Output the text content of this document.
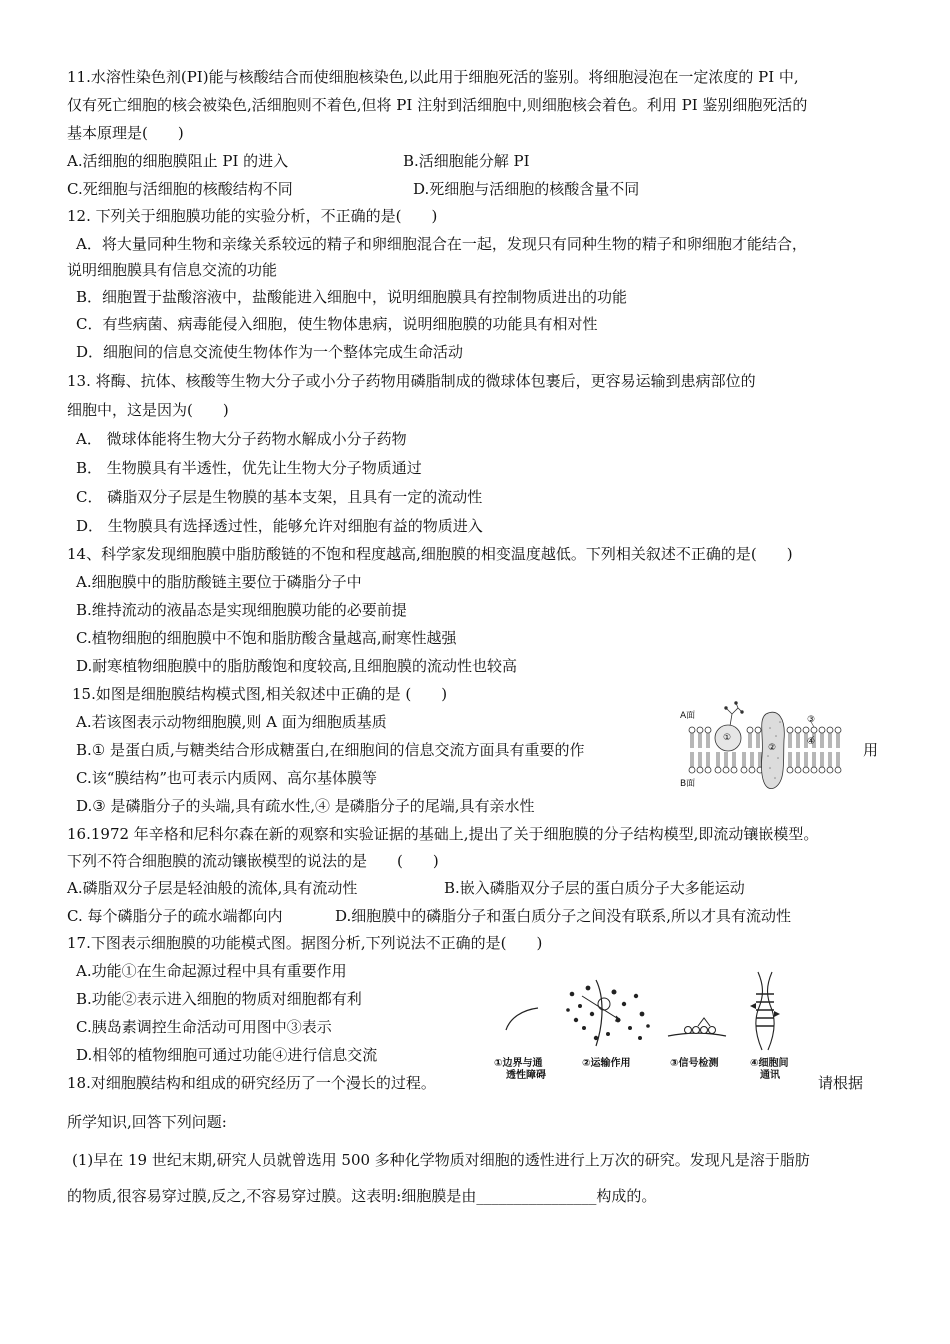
11.水溶性染色剂(PI)能与核酸结合而使细胞核染色,以此用于细胞死活的鉴别。将细胞浸泡在一定浓度的 PI 中,
仅有死亡细胞的核会被染色,活细胞则不着色,但将 PI 注射到活细胞中,则细胞核会着色。利用 PI 鉴别细胞死活的
基本原理是(　　)
A.活细胞的细胞膜阻止 PI 的进入	B.活细胞能分解 PI
C.死细胞与活细胞的核酸结构不同	D.死细胞与活细胞的核酸含量不同
12. 下列关于细胞膜功能的实验分析，不正确的是(　　)
A．将大量同种生物和亲缘关系较远的精子和卵细胞混合在一起，发现只有同种生物的精子和卵细胞才能结合，
说明细胞膜具有信息交流的功能
B．细胞置于盐酸溶液中，盐酸能进入细胞中，说明细胞膜具有控制物质进出的功能
C．有些病菌、病毒能侵入细胞，使生物体患病，说明细胞膜的功能具有相对性
D．细胞间的信息交流使生物体作为一个整体完成生命活动
13. 将酶、抗体、核酸等生物大分子或小分子药物用磷脂制成的微球体包裹后，更容易运输到患病部位的
细胞中，这是因为(　　)
A． 微球体能将生物大分子药物水解成小分子药物
B． 生物膜具有半透性，优先让生物大分子物质通过
C． 磷脂双分子层是生物膜的基本支架，且具有一定的流动性
D． 生物膜具有选择透过性，能够允许对细胞有益的物质进入
14、科学家发现细胞膜中脂肪酸链的不饱和程度越高,细胞膜的相变温度越低。下列相关叙述不正确的是(　　)
A.细胞膜中的脂肪酸链主要位于磷脂分子中
B.维持流动的液晶态是实现细胞膜功能的必要前提
C.植物细胞的细胞膜中不饱和脂肪酸含量越高,耐寒性越强
D.耐寒植物细胞膜中的脂肪酸饱和度较高,且细胞膜的流动性也较高
15.如图是细胞膜结构模式图,相关叙述中正确的是 (　　)
A.若该图表示动物细胞膜,则 A 面为细胞质基质
B.① 是蛋白质,与糖类结合形成糖蛋白,在细胞间的信息交流方面具有重要的作	用
C.该“膜结构”也可表示内质网、高尔基体膜等
D.③ 是磷脂分子的头端,具有疏水性,④ 是磷脂分子的尾端,具有亲水性
A面
B面
①
②
③
④
16.1972 年辛格和尼科尔森在新的观察和实验证据的基础上,提出了关于细胞膜的分子结构模型,即流动镶嵌模型。
下列不符合细胞膜的流动镶嵌模型的说法的是　　(　　)
A.磷脂双分子层是轻油般的流体,具有流动性	B.嵌入磷脂双分子层的蛋白质分子大多能运动
C. 每个磷脂分子的疏水端都向内	D.细胞膜中的磷脂分子和蛋白质分子之间没有联系,所以才具有流动性
17.下图表示细胞膜的功能模式图。据图分析,下列说法不正确的是(　　)
A.功能①在生命起源过程中具有重要作用
B.功能②表示进入细胞的物质对细胞都有利
C.胰岛素调控生命活动可用图中③表示
D.相邻的植物细胞可通过功能④进行信息交流	①边界与通
透性障碍
②运输作用	③信号检测	④细胞间
通讯
18.对细胞膜结构和组成的研究经历了一个漫长的过程。	请根据
所学知识,回答下列问题:
(1)早在 19 世纪末期,研究人员就曾选用 500 多种化学物质对细胞的透性进行上万次的研究。发现凡是溶于脂肪
的物质,很容易穿过膜,反之,不容易穿过膜。这表明:细胞膜是由________________构成的。
